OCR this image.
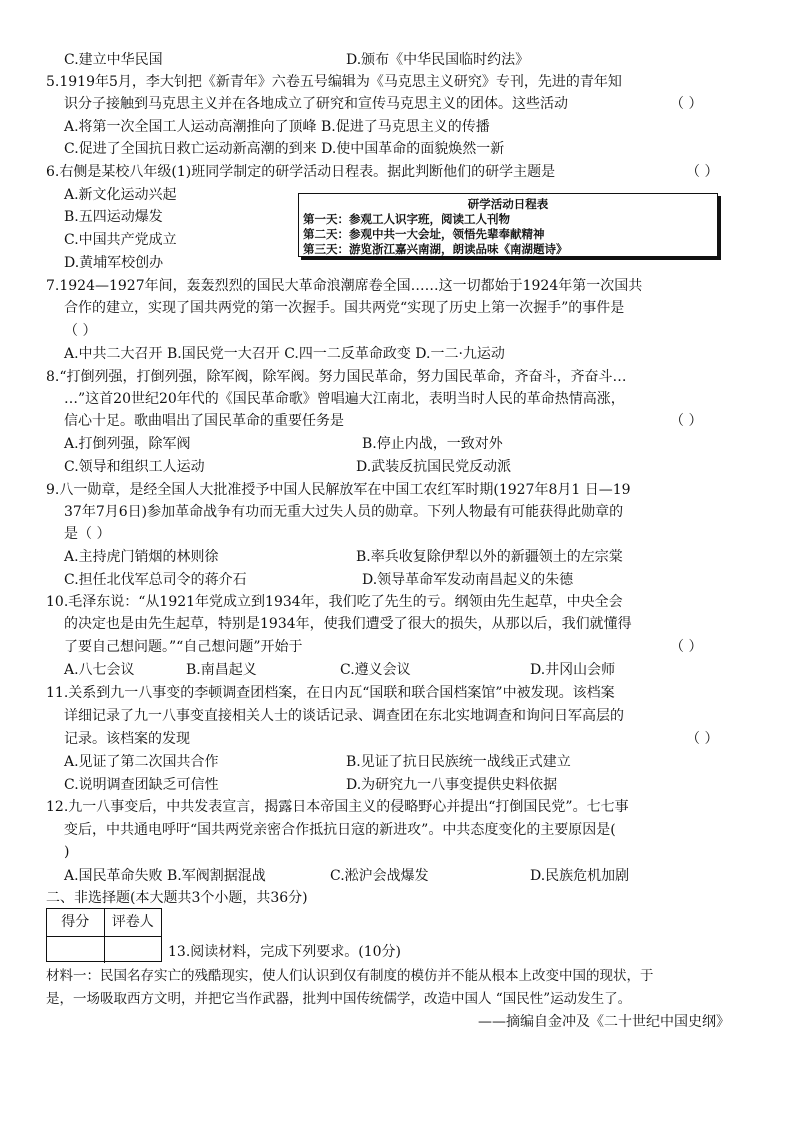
C.建立中华民国	D.颁布《中华民国临时约法》
5.1919年5月，李大钊把《新青年》六卷五号编辑为《马克思主义研究》专刊，先进的青年知
识分子接触到马克思主义并在各地成立了研究和宣传马克思主义的团体。这些活动	（ ）
A.将第一次全国工人运动高潮推向了顶峰 B.促进了马克思主义的传播
C.促进了全国抗日救亡运动新高潮的到来 D.使中国革命的面貌焕然一新
6.右侧是某校八年级(1)班同学制定的研学活动日程表。据此判断他们的研学主题是	（ ）
A.新文化运动兴起
B.五四运动爆发
C.中国共产党成立
D.黄埔军校创办
研学活动日程表
第一天：参观工人识字班，阅读工人刊物
第二天：参观中共一大会址，领悟先辈奉献精神
第三天：游览浙江嘉兴南湖，朗读品味《南湖题诗》
7.1924—1927年间，轰轰烈烈的国民大革命浪潮席卷全国……这一切都始于1924年第一次国共
合作的建立，实现了国共两党的第一次握手。国共两党“实现了历史上第一次握手”的事件是
（ ）
A.中共二大召开 B.国民党一大召开 C.四一二反革命政变 D.一二·九运动
8.“打倒列强，打倒列强，除军阀，除军阀。努力国民革命，努力国民革命，齐奋斗，齐奋斗…
…”这首20世纪20年代的《国民革命歌》曾唱遍大江南北，表明当时人民的革命热情高涨，
信心十足。歌曲唱出了国民革命的重要任务是	（ ）
A.打倒列强，除军阀	B.停止内战，一致对外
C.领导和组织工人运动	D.武装反抗国民党反动派
9.八一勋章，是经全国人大批准授予中国人民解放军在中国工农红军时期(1927年8月1 日—19
37年7月6日)参加革命战争有功而无重大过失人员的勋章。下列人物最有可能获得此勋章的
是（ ）
A.主持虎门销烟的林则徐	B.率兵收复除伊犁以外的新疆领土的左宗棠
C.担任北伐军总司令的蒋介石	D.领导革命军发动南昌起义的朱德
10.毛泽东说：“从1921年党成立到1934年，我们吃了先生的亏。纲领由先生起草，中央全会
的决定也是由先生起草，特别是1934年，使我们遭受了很大的损失，从那以后，我们就懂得
了要自己想问题。”“自己想问题”开始于	（ ）
A.八七会议	B.南昌起义	C.遵义会议	D.井冈山会师
11.关系到九一八事变的李顿调查团档案，在日内瓦“国联和联合国档案馆”中被发现。该档案
详细记录了九一八事变直接相关人士的谈话记录、调查团在东北实地调查和询问日军高层的
记录。该档案的发现	（ ）
A.见证了第二次国共合作	B.见证了抗日民族统一战线正式建立
C.说明调查团缺乏可信性	D.为研究九一八事变提供史料依据
12.九一八事变后，中共发表宣言，揭露日本帝国主义的侵略野心并提出“打倒国民党”。七七事
变后，中共通电呼吁“国共两党亲密合作抵抗日寇的新进攻”。中共态度变化的主要原因是(
)
A.国民革命失败 B.军阀割据混战	C.淞沪会战爆发	D.民族危机加剧
二、非选择题(本大题共3个小题，共36分)
得分	评卷人
13.阅读材料，完成下列要求。(10分)
材料一：民国名存实亡的残酷现实，使人们认识到仅有制度的模仿并不能从根本上改变中国的现状，于
是，一场吸取西方文明，并把它当作武器，批判中国传统儒学，改造中国人 “国民性”运动发生了。
——摘编自金冲及《二十世纪中国史纲》
